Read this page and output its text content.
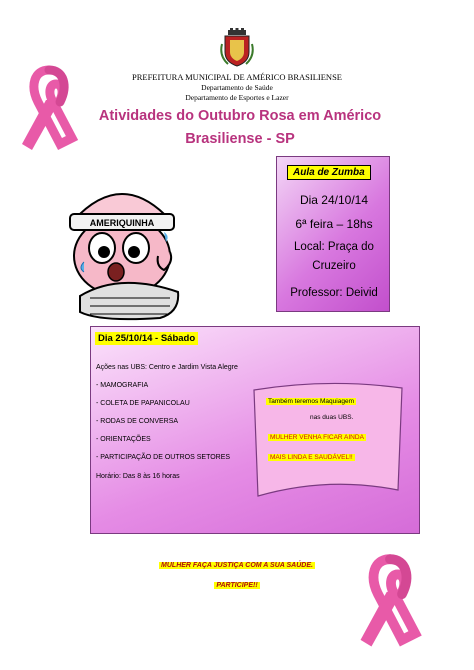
PREFEITURA MUNICIPAL DE AMÉRICO BRASILIENSE
Departamento de Saúde
Departamento de Esportes e Lazer
Atividades do Outubro Rosa em Américo
Brasiliense - SP
AMERIQUINHA
Aula de Zumba
Dia 24/10/14
6ª feira – 18hs
Local: Praça do
Cruzeiro
Professor: Deivid
Dia 25/10/14 - Sábado
Ações nas UBS: Centro e Jardim Vista Alegre
- MAMOGRAFIA
- COLETA DE PAPANICOLAU
- RODAS DE CONVERSA
- ORIENTAÇÕES
- PARTICIPAÇÃO DE OUTROS SETORES
Horário: Das 8 às 16 horas
Também teremos Maquiagem
nas duas UBS.
MULHER VENHA FICAR AINDA
MAIS LINDA E SAUDÁVEL!!
MULHER FAÇA JUSTIÇA COM A SUA SAÚDE.
PARTICIPE!!
